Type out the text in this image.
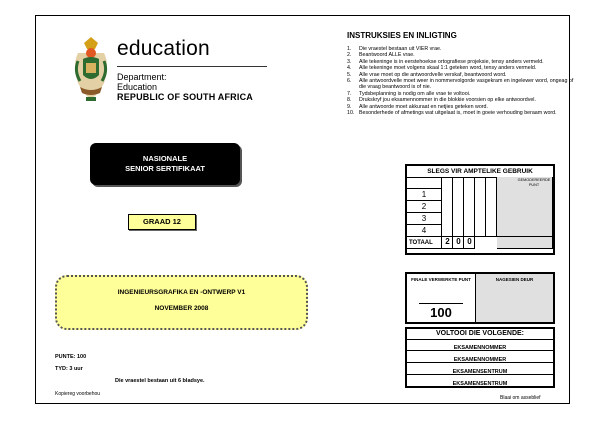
education
Department:
Education
REPUBLIC OF SOUTH AFRICA
NASIONALE
SENIOR SERTIFIKAAT
GRAAD 12
INGENIEURSGRAFIKA EN -ONTWERP V1
NOVEMBER 2008
PUNTE: 100
TYD: 3 uur
Die vraestel bestaan uit 6 bladsye.
Kopiereg voorbehou
Blaai om asseblief
INSTRUKSIES EN INLIGTING
1. Die vraestel bestaan uit VIER vrae.
2. Beantwoord ALLE vrae.
3. Alle tekeninge is in eerstehoekse ortografiese projeksie, tensy anders vermeld.
4. Alle tekeninge moet volgens skaal 1:1 geteken word, tensy anders vermeld.
5. Alle vrae moet op die antwoordvelle verskaf, beantwoord word.
6. Alle antwoordvelle moet weer in nommervolgorde vasgekram en ingelewer word, ongeag of die vraag beantwoord is of nie.
7. Tydsbeplanning is nodig om alle vrae te voltooi.
8. Drukskryf jou eksamennommer in die blokkie voorsien op elke antwoordvel.
9. Alle antwoorde moet akkuraat en netjies geteken word.
10. Besonderhede of afmetings wat uitgelaat is, moet in goeie verhouding beraam word.
SLEGS VIR AMPTELIKE GEBRUIK
1
2
3
4
TOTAAL
GEMODEREERDE PUNT
2 0 0
FINALE VERWERKTE PUNT
100
NAGESIEN DEUR
VOLTOOI DIE VOLGENDE:
EKSAMENNOMMER
EKSAMENNOMMER
EKSAMENSENTRUM
EKSAMENSENTRUM
